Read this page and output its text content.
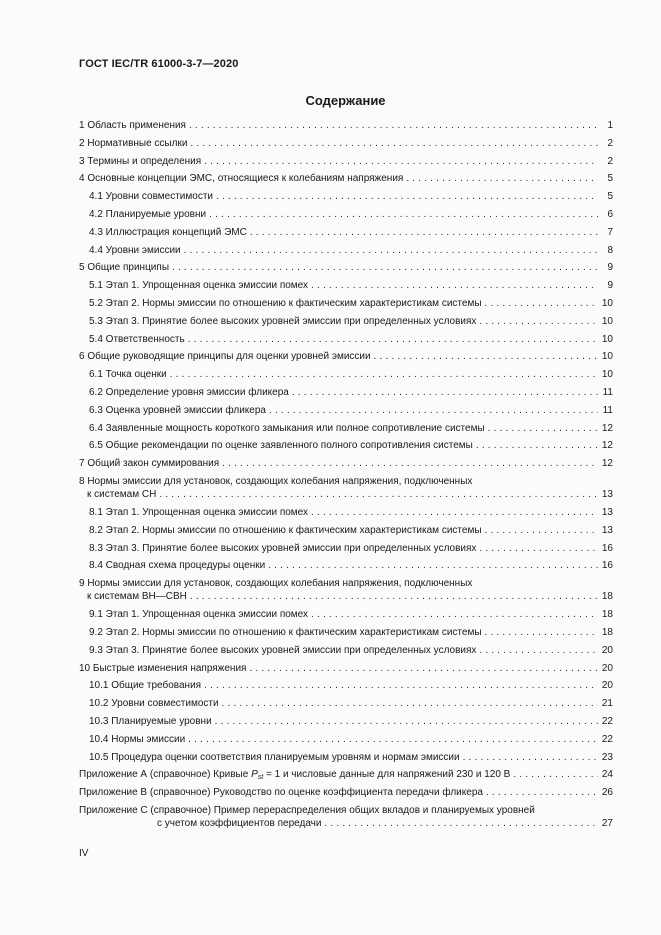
ГОСТ IEC/TR 61000-3-7—2020
Содержание
1 Область применения . . .	1
2 Нормативные ссылки . . .	2
3 Термины и определения . . .	2
4 Основные концепции ЭМС, относящиеся к колебаниям напряжения . . .	5
4.1 Уровни совместимости . . .	5
4.2 Планируемые уровни . . .	6
4.3 Иллюстрация концепций ЭМС . . .	7
4.4 Уровни эмиссии . . .	8
5 Общие принципы . . .	9
5.1 Этап 1. Упрощенная оценка эмиссии помех . . .	9
5.2 Этап 2. Нормы эмиссии по отношению к фактическим характеристикам системы . . .	10
5.3 Этап 3. Принятие более высоких уровней эмиссии при определенных условиях . . .	10
5.4 Ответственность . . .	10
6 Общие руководящие принципы для оценки уровней эмиссии . . .	10
6.1 Точка оценки . . .	10
6.2 Определение уровня эмиссии фликера . . .	11
6.3 Оценка уровней эмиссии фликера . . .	11
6.4 Заявленные мощность короткого замыкания или полное сопротивление системы . . .	12
6.5 Общие рекомендации по оценке заявленного полного сопротивления системы . . .	12
7 Общий закон суммирования . . .	12
8 Нормы эмиссии для установок, создающих колебания напряжения, подключенных
к системам СН . . .	13
8.1 Этап 1. Упрощенная оценка эмиссии помех . . .	13
8.2 Этап 2. Нормы эмиссии по отношению к фактическим характеристикам системы . . .	13
8.3 Этап 3. Принятие более высоких уровней эмиссии при определенных условиях . . .	16
8.4 Сводная схема процедуры оценки . . .	16
9 Нормы эмиссии для установок, создающих колебания напряжения, подключенных
к системам ВН—СВН . . .	18
9.1 Этап 1. Упрощенная оценка эмиссии помех . . .	18
9.2 Этап 2. Нормы эмиссии по отношению к фактическим характеристикам системы . . .	18
9.3 Этап 3. Принятие более высоких уровней эмиссии при определенных условиях . . .	20
10 Быстрые изменения напряжения . . .	20
10.1 Общие требования . . .	20
10.2 Уровни совместимости . . .	21
10.3 Планируемые уровни . . .	22
10.4 Нормы эмиссии . . .	22
10.5 Процедура оценки соответствия планируемым уровням и нормам эмиссии . . .	23
Приложение А (справочное) Кривые $P_{st} = 1$ и числовые данные для напряжений 230 и 120 В . . .	24
Приложение В (справочное) Руководство по оценке коэффициента передачи фликера . . .	26
Приложение С (справочное) Пример перераспределения общих вкладов и планируемых уровней
с учетом коэффициентов передачи . . .	27
IV
